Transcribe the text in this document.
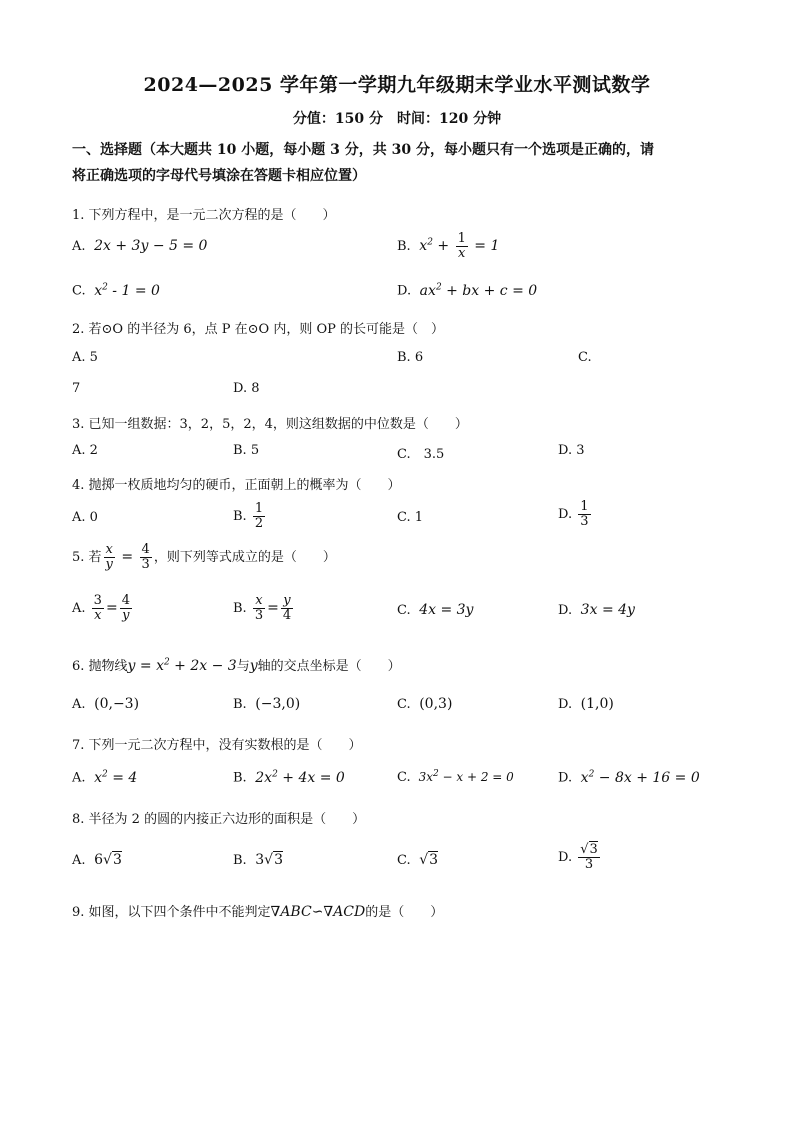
2024—2025 学年第一学期九年级期末学业水平测试数学
分值：150 分　时间：120 分钟
一、选择题（本大题共 10 小题，每小题 3 分，共 30 分，每小题只有一个选项是正确的，请
将正确选项的字母代号填涂在答题卡相应位置）
1. 下列方程中，是一元二次方程的是（　　）
A.  2x + 3y − 5 = 0	B.  $x^2 + \frac{1}{x} = 1$
C.  $x^2 - 1 = 0$	D.  $ax^2$ + bx + c = 0
2. 若⊙O 的半径为 6，点 P 在⊙O 内，则 OP 的长可能是（　）
A. 5	B. 6	C.
7	D. 8
3. 已知一组数据：3，2，5，2，4，则这组数据的中位数是（　　）
A. 2	B. 5	C.　3.5	D. 3
4. 抛掷一枚质地均匀的硬币，正面朝上的概率为（　　）
A. 0	B. $\frac{1}{2}$	C. 1	D. $\frac{1}{3}$
5. 若 $\frac{x}{y} = \frac{4}{3}$ ，则下列等式成立的是（　　）
A. $\frac{3}{x} = \frac{4}{y}$	B. $\frac{x}{3} = \frac{y}{4}$	C.  4x = 3y	D.  3x = 4y
6. 抛物线$y = x^2 + 2x - 3$与y轴的交点坐标是（　　）
A.  (0,−3)	B.  (−3,0)	C.  (0,3)	D.  (1,0)
7. 下列一元二次方程中，没有实数根的是（　　）
A.  $x^2 = 4$	B.  $2x^2 + 4x = 0$	C.  $3x^2 - x + 2 = 0$	D.  $x^2 - 8x + 16 = 0$
8. 半径为 2 的圆的内接正六边形的面积是（　　）
A.  6√3	B.  3√3	C.  √3	D. $\frac{√3}{3}$
9. 如图，以下四个条件中不能判定∇ABC∽∇ACD的是（　　）
